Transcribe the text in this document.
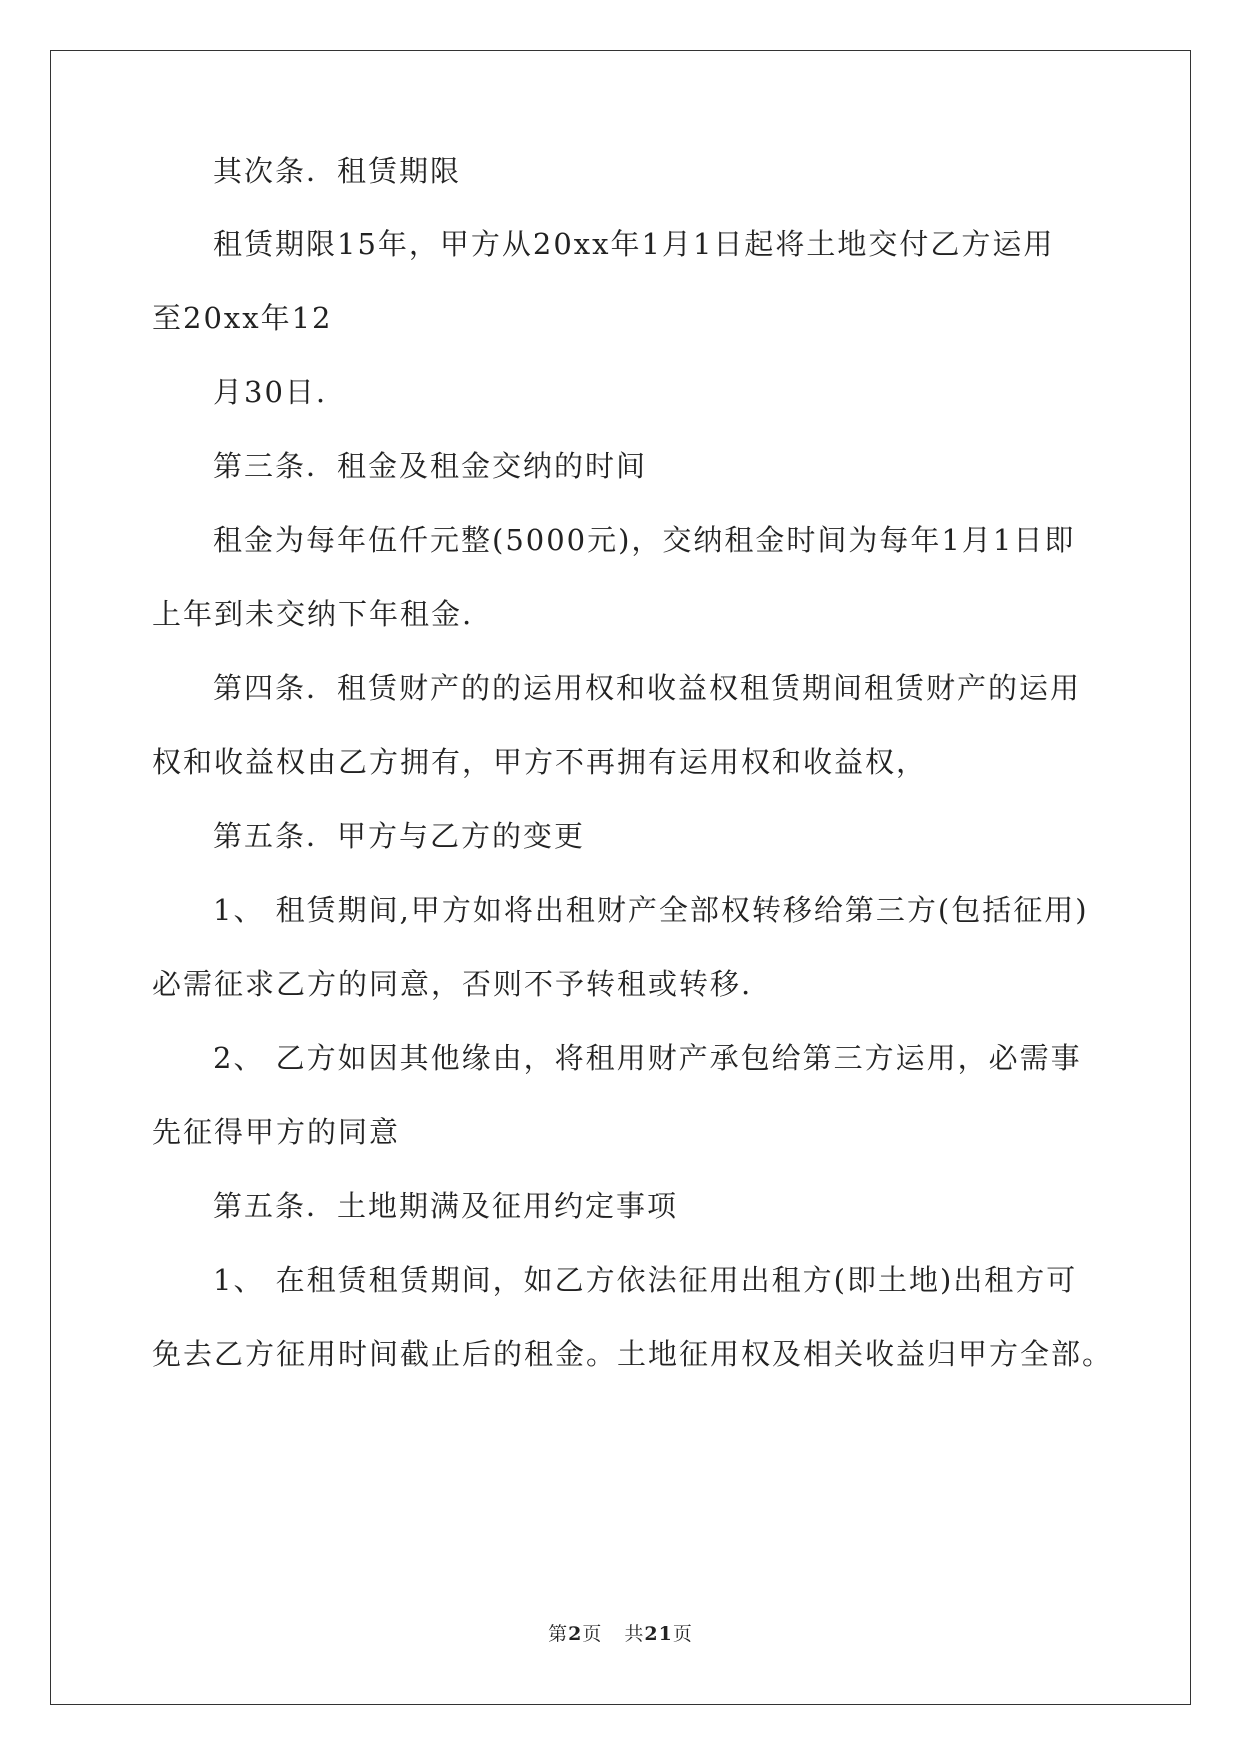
其次条．租赁期限
租赁期限15年，甲方从20xx年1月1日起将土地交付乙方运用
至20xx年12
月30日.
第三条．租金及租金交纳的时间
租金为每年伍仟元整(5000元)，交纳租金时间为每年1月1日即
上年到未交纳下年租金.
第四条．租赁财产的的运用权和收益权租赁期间租赁财产的运用
权和收益权由乙方拥有，甲方不再拥有运用权和收益权，
第五条．甲方与乙方的变更
1、 租赁期间,甲方如将出租财产全部权转移给第三方(包括征用)
必需征求乙方的同意，否则不予转租或转移.
2、 乙方如因其他缘由，将租用财产承包给第三方运用，必需事
先征得甲方的同意
第五条．土地期满及征用约定事项
1、 在租赁租赁期间，如乙方依法征用出租方(即土地)出租方可
免去乙方征用时间截止后的租金。土地征用权及相关收益归甲方全部。
第2页 共21页
